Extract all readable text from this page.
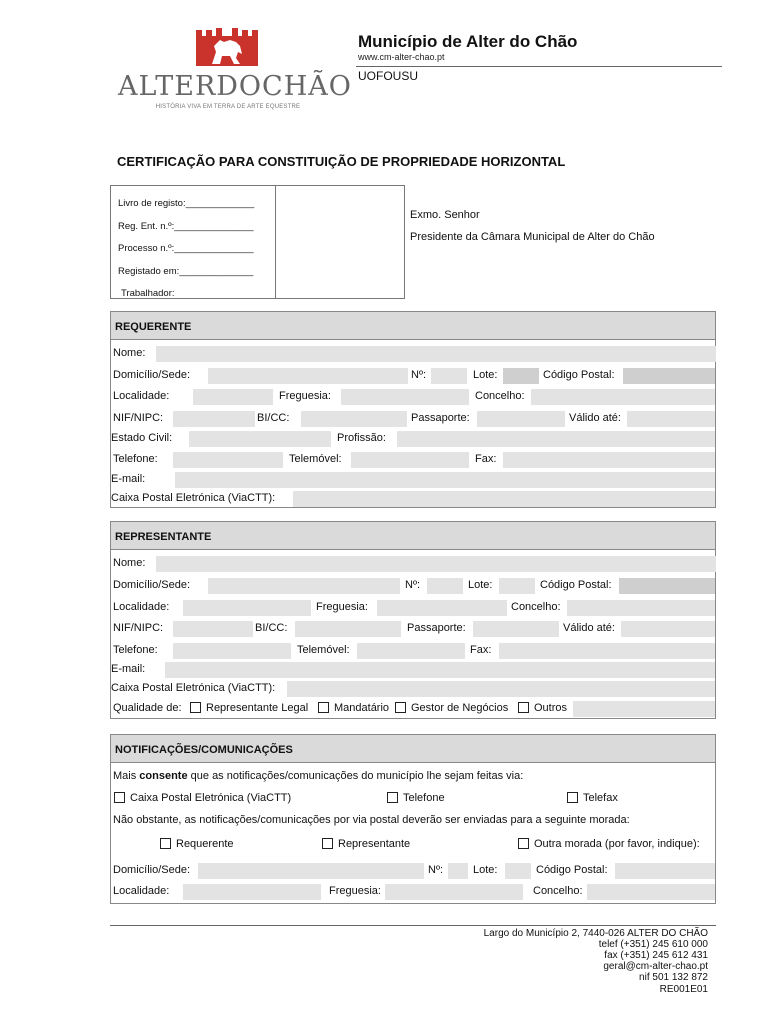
ALTERDOCHÃO
HISTÓRIA VIVA EM TERRA DE ARTE EQUESTRE
Município de Alter do Chão
www.cm-alter-chao.pt
UOFOUSU
CERTIFICAÇÃO PARA CONSTITUIÇÃO DE PROPRIEDADE HORIZONTAL
Livro de registo:_____________
Reg. Ent. n.º:_______________
Processo n.º:_______________
Registado em:______________
Trabalhador:
Exmo. Senhor
Presidente da Câmara Municipal de Alter do Chão
REQUERENTE
Nome:
Domicílio/Sede:	Nº:	Lote:	Código Postal:
Localidade:	Freguesia:	Concelho:
NIF/NIPC:	BI/CC:	Passaporte:	Válido até:
Estado Civil:	Profissão:
Telefone:	Telemóvel:	Fax:
E-mail:
Caixa Postal Eletrónica (ViaCTT):
REPRESENTANTE
Nome:
Domicílio/Sede:	Nº:	Lote:	Código Postal:
Localidade:	Freguesia:	Concelho:
NIF/NIPC:	BI/CC:	Passaporte:	Válido até:
Telefone:	Telemóvel:	Fax:
E-mail:
Caixa Postal Eletrónica (ViaCTT):
Qualidade de: Representante Legal Mandatário Gestor de Negócios Outros
NOTIFICAÇÕES/COMUNICAÇÕES
Mais consente que as notificações/comunicações do município lhe sejam feitas via:
Caixa Postal Eletrónica (ViaCTT)	Telefone	Telefax
Não obstante, as notificações/comunicações por via postal deverão ser enviadas para a seguinte morada:
Requerente	Representante	Outra morada (por favor, indique):
Domicílio/Sede:	Nº:	Lote:	Código Postal:
Localidade:	Freguesia:	Concelho:
Largo do Município 2, 7440-026 ALTER DO CHÃO
telef (+351) 245 610 000
fax (+351) 245 612 431
geral@cm-alter-chao.pt
nif 501 132 872
RE001E01
